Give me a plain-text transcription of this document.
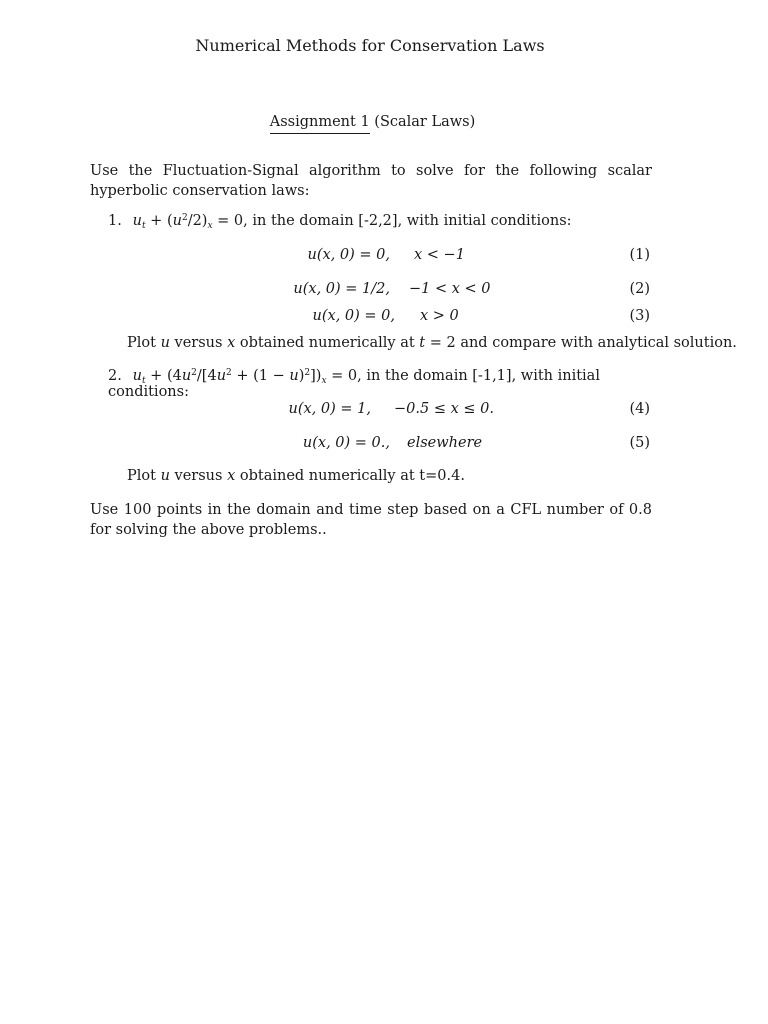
Numerical Methods for Conservation Laws
Assignment 1 (Scalar Laws)
Use the Fluctuation-Signal algorithm to solve for the following scalar hyperbolic conservation laws:
1. $u_t + (u^2/2)_x = 0$, in the domain [-2,2], with initial conditions:
u(x, 0) = 0, x < −1	(1)
u(x, 0) = 1/2, −1 < x < 0	(2)
u(x, 0) = 0, x > 0	(3)
Plot u versus x obtained numerically at t = 2 and compare with analytical solution.
2. $u_t + (4u^2/[4u^2 + (1 - u)^2])_x = 0$, in the domain [-1,1], with initial conditions:
u(x, 0) = 1, −0.5 ≤ x ≤ 0.	(4)
u(x, 0) = 0., elsewhere	(5)
Plot u versus x obtained numerically at t=0.4.
Use 100 points in the domain and time step based on a CFL number of 0.8 for solving the above problems..
